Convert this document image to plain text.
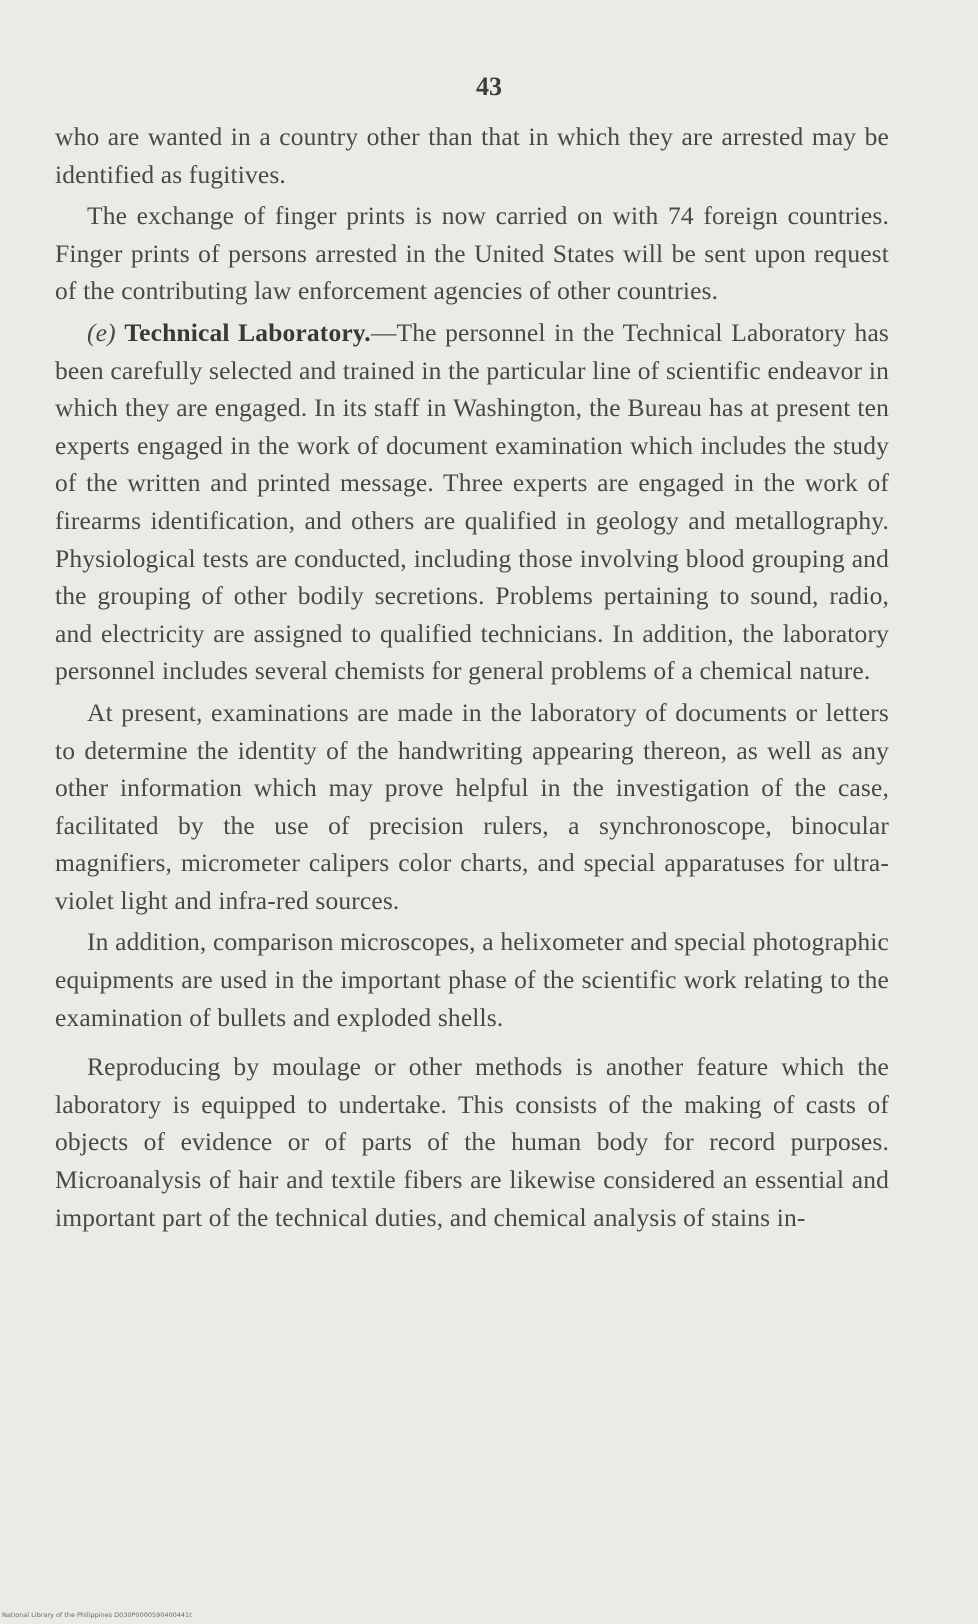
43

who are wanted in a country other than that in which they are arrested may be identified as fugitives.

The exchange of finger prints is now carried on with 74 foreign countries. Finger prints of persons arrested in the United States will be sent upon request of the contributing law enforcement agencies of other countries.

(e) Technical Laboratory.—The personnel in the Technical Laboratory has been carefully selected and trained in the particular line of scientific endeavor in which they are engaged. In its staff in Washington, the Bureau has at present ten experts engaged in the work of document examination which includes the study of the written and printed message. Three experts are engaged in the work of firearms identification, and others are qualified in geology and metallography. Physiological tests are conducted, including those involving blood grouping and the grouping of other bodily secretions. Problems pertaining to sound, radio, and electricity are assigned to qualified technicians. In addition, the laboratory personnel includes several chemists for general problems of a chemical nature.

At present, examinations are made in the laboratory of documents or letters to determine the identity of the handwriting appearing thereon, as well as any other information which may prove helpful in the investigation of the case, facilitated by the use of precision rulers, a synchronoscope, binocular magnifiers, micrometer calipers color charts, and special apparatuses for ultra-violet light and infra-red sources.

In addition, comparison microscopes, a helixometer and special photographic equipments are used in the important phase of the scientific work relating to the examination of bullets and exploded shells.

Reproducing by moulage or other methods is another feature which the laboratory is equipped to undertake. This consists of the making of casts of objects of evidence or of parts of the human body for record purposes. Microanalysis of hair and textile fibers are likewise considered an essential and important part of the technical duties, and chemical analysis of stains in-

National Library of the Philippines D030P0000590400441t
